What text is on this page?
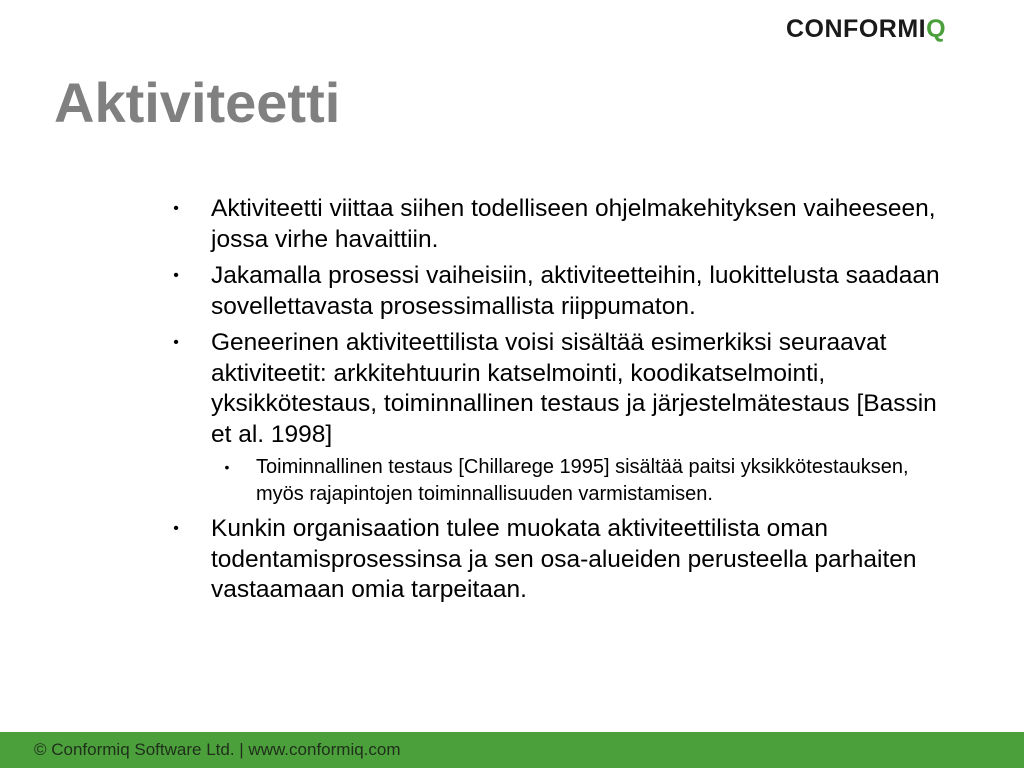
CONFORMIQ
Aktiviteetti
• Aktiviteetti viittaa siihen todelliseen ohjelmakehityksen vaiheeseen, jossa virhe havaittiin.
• Jakamalla prosessi vaiheisiin, aktiviteetteihin, luokittelusta saadaan sovellettavasta prosessimallista riippumaton.
• Geneerinen aktiviteettilista voisi sisältää esimerkiksi seuraavat aktiviteetit: arkkitehtuurin katselmointi, koodikatselmointi, yksikkötestaus, toiminnallinen testaus ja järjestelmätestaus [Bassin et al. 1998]
• Toiminnallinen testaus [Chillarege 1995] sisältää paitsi yksikkötestauksen, myös rajapintojen toiminnallisuuden varmistamisen.
• Kunkin organisaation tulee muokata aktiviteettilista oman todentamisprosessinsa ja sen osa-alueiden perusteella parhaiten vastaamaan omia tarpeitaan.
© Conformiq Software Ltd. | www.conformiq.com
